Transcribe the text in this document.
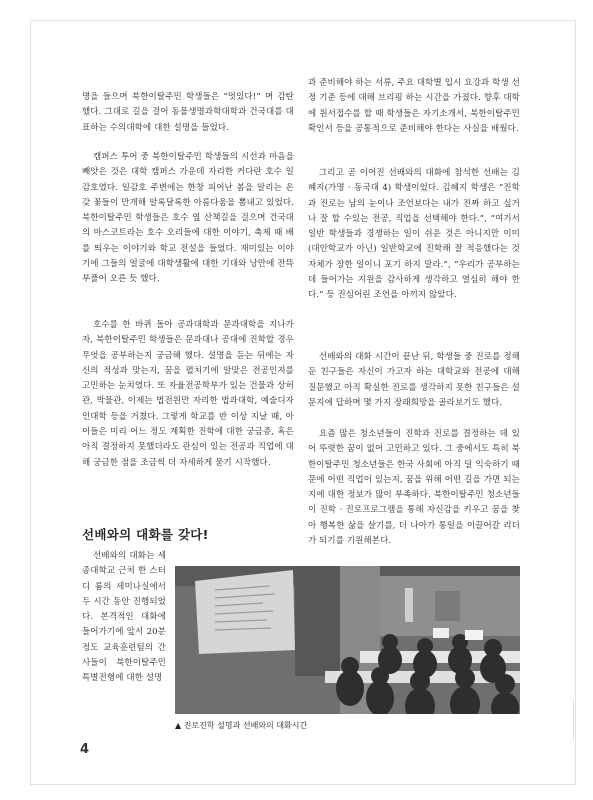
명을 들으며 북한이탈주민 학생들은 “멋있다!” 며 감탄했다. 그대로 길을 걸어 동물생명과학대학과 건국대를 대표하는 수의대학에 대한 설명을 들었다.

캠퍼스 투어 중 북한이탈주민 학생들의 시선과 마음을 빼앗은 것은 대학 캠퍼스 가운데 자리한 커다란 호수 일감호였다. 일감호 주변에는 한창 피어난 봄을 알리는 온갖 꽃들이 만개해 알록달록한 아름다움을 뽐내고 있었다. 북한이탈주민 학생들은 호수 옆 산책길을 걸으며 건국대의 마스코트라는 호수 오리들에 대한 이야기, 축제 때 배를 띄우는 이야기와 학교 전설을 들었다. 재미있는 이야기에 그들의 얼굴에 대학생활에 대한 기대와 낭만에 잔뜩 부풀어 오른 듯 했다.

호수를 한 바퀴 돌아 공과대학과 문과대학을 지나가자, 북한이탈주민 학생들은 문과대나 공대에 진학할 경우 무엇을 공부하는지 궁금해 했다. 설명을 듣는 뒤에는 자신의 적성과 맞는지, 꿈을 펼치기에 알맞은 전공인지를 고민하는 눈치였다. 또 자율전공학부가 있는 건물과 상허관, 박물관, 이제는 법전원만 자리한 법과대학, 예술디자인대학 등을 거쳤다. 그렇게 학교를 반 이상 지날 때, 아이들은 미리 어느 정도 계획한 진학에 대한 궁금증, 혹은 아직 결정하지 못했더라도 관심이 있는 전공과 직업에 대해 궁금한 점을 조금씩 더 자세하게 묻기 시작했다.

선배와의 대화를 갖다!

선배와의 대화는 세종대학교 근처 한 스터디 룸의 세미나실에서 두 시간 동안 진행되었다. 본격적인 대화에 들어가기에 앞서 20분 정도 교육훈련팀의 간사들이 북한이탈주민특별전형에 대한 설명

과 준비해야 하는 서류, 주요 대학별 입시 요강과 학생 선정 기준 등에 대해 브리핑 하는 시간을 가졌다. 향후 대학에 원서접수를 할 때 학생들은 자기소개서, 북한이탈주민확인서 등을 공통적으로 준비해야 한다는 사실을 배웠다.

그리고 곧 이어진 선배와의 대화에 참석한 선배는 김혜지(가명 · 동국대 4) 학생이었다. 김혜지 학생은 “진학과 진로는 남의 눈이나 조언보다는 내가 진짜 하고 싶거나 잘 할 수있는 전공, 직업을 선택해야 한다.”, “여기서 일반 학생들과 경쟁하는 일이 쉬운 것은 아니지만 이미 (대안학교가 아닌) 일반학교에 진학해 잘 적응했다는 것 자체가 장한 일이니 포기 하지 말라.”, “우리가 공부하는 데 들어가는 지원을 감사하게 생각하고 열심히 해야 한다.” 등 진심어린 조언을 아끼지 않았다.

선배와의 대화 시간이 끝난 뒤, 학생들 중 진로를 정해 둔 친구들은 자신이 가고자 하는 대학교와 전공에 대해 질문했고 아직 확실한 진로를 생각하지 못한 친구들은 설문지에 답하며 몇 가지 장래희망을 골라보기도 했다.

요즘 많은 청소년들이 진학과 진로를 결정하는 데 있어 뚜렷한 꿈이 없어 고민하고 있다. 그 중에서도 특히 북한이탈주민 청소년들은 한국 사회에 아직 덜 익숙하기 때문에 어떤 직업이 있는지, 꿈을 위해 어떤 길을 가면 되는지에 대한 정보가 많이 부족하다. 북한이탈주민 청소년들이 진학 · 진로프로그램을 통해 자신감을 키우고 꿈을 찾아 행복한 삶을 살기를, 더 나아가 통일을 이끌어갈 리더가 되기를 기원해본다.

▲ 진로진학 설명과 선배와의 대화시간

4
